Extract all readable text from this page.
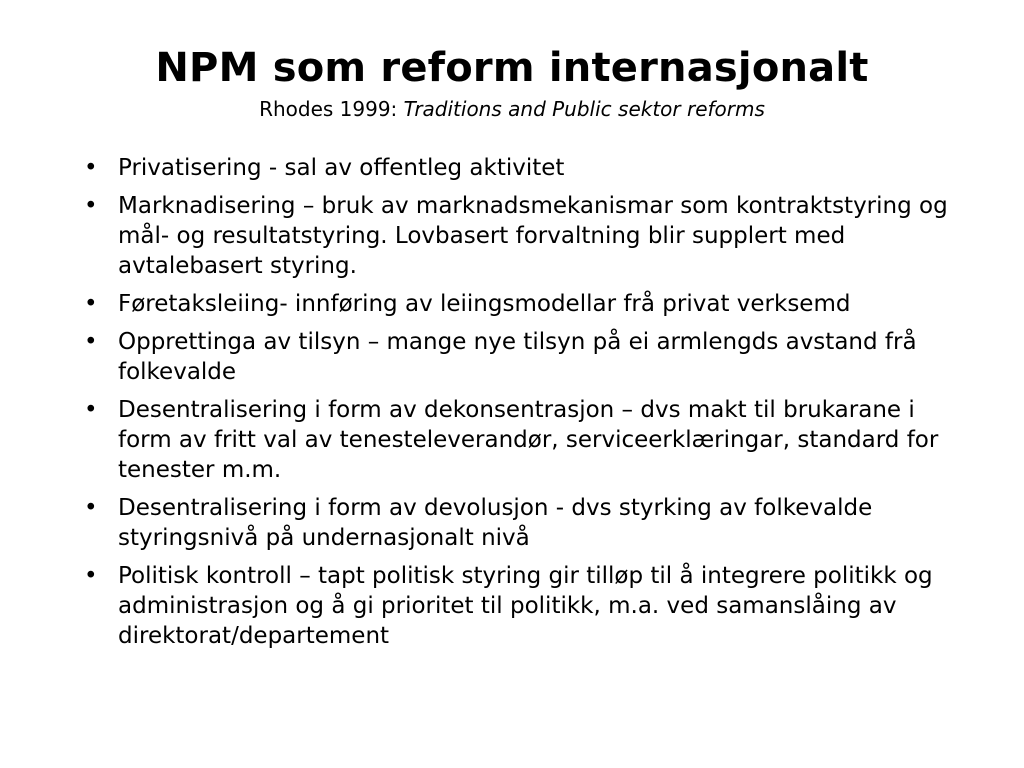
NPM som reform internasjonalt
Rhodes 1999: Traditions and Public sektor reforms
• Privatisering - sal av offentleg aktivitet
• Marknadisering – bruk av marknadsmekanismar som kontraktstyring og mål- og resultatstyring. Lovbasert forvaltning blir supplert med avtalebasert styring.
• Føretaksleiing- innføring av leiingsmodellar frå privat verksemd
• Opprettinga av tilsyn – mange nye tilsyn på ei armlengds avstand frå folkevalde
• Desentralisering i form av dekonsentrasjon – dvs makt til brukarane i form av fritt val av tenesteleverandør, serviceerklæringar, standard for tenester m.m.
• Desentralisering i form av devolusjon - dvs styrking av folkevalde styringsnivå på undernasjonalt nivå
• Politisk kontroll – tapt politisk styring gir tilløp til å integrere politikk og administrasjon og å gi prioritet til politikk, m.a. ved samanslåing av direktorat/departement
